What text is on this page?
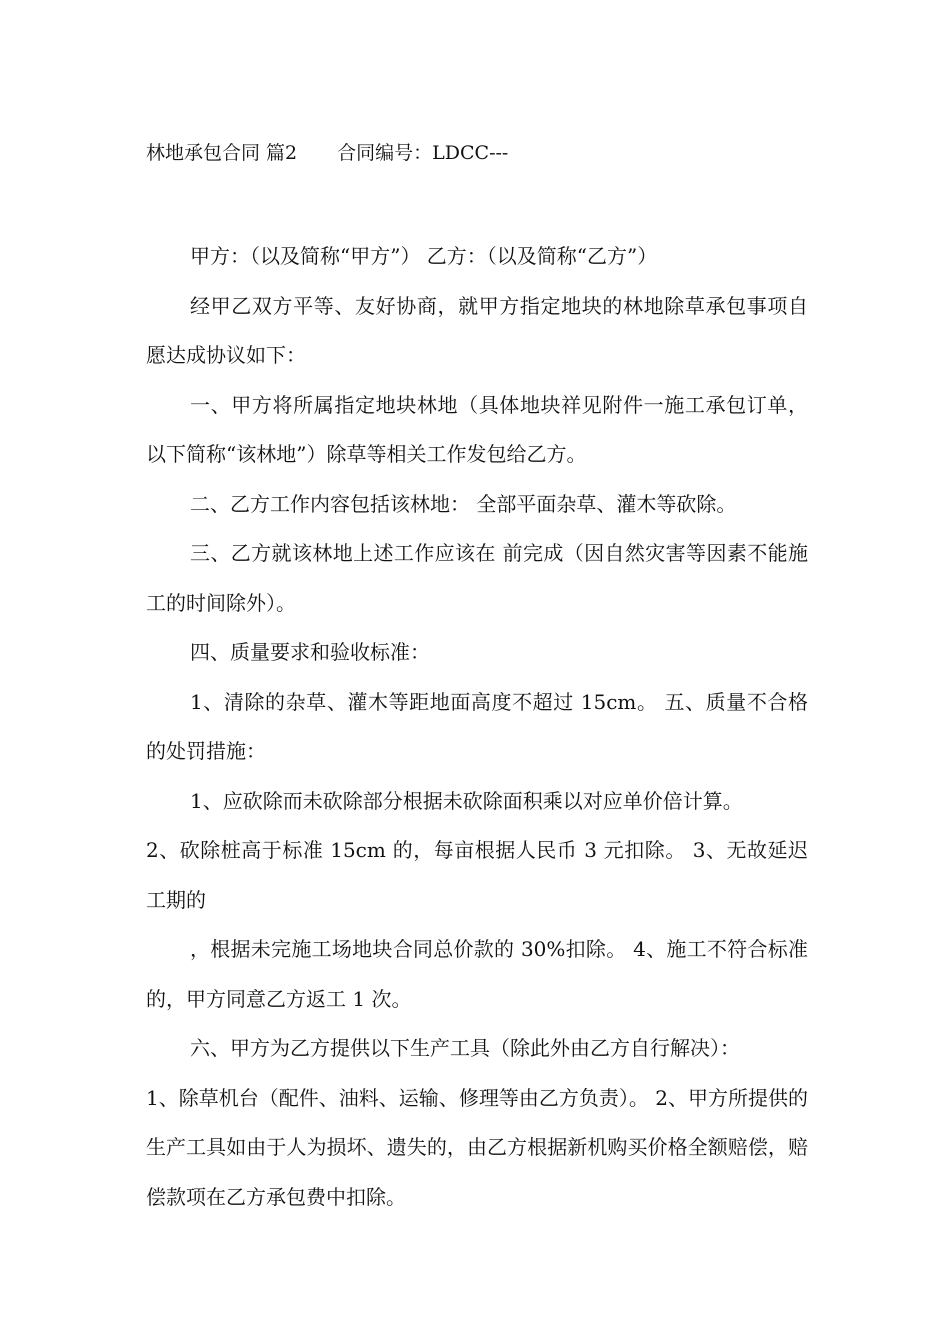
林地承包合同 篇2 合同编号：LDCC---

甲方：（以及简称“甲方”） 乙方：（以及简称“乙方”）

经甲乙双方平等、友好协商，就甲方指定地块的林地除草承包事项自愿达成协议如下：

一、甲方将所属指定地块林地（具体地块祥见附件一施工承包订单，以下简称“该林地”）除草等相关工作发包给乙方。

二、乙方工作内容包括该林地： 全部平面杂草、灌木等砍除。

三、乙方就该林地上述工作应该在 前完成（因自然灾害等因素不能施工的时间除外）。

四、质量要求和验收标准：

1、清除的杂草、灌木等距地面高度不超过 15cm。 五、质量不合格的处罚措施：

1、应砍除而未砍除部分根据未砍除面积乘以对应单价倍计算。

2、砍除桩高于标准 15cm 的，每亩根据人民币 3 元扣除。 3、无故延迟工期的

，根据未完施工场地块合同总价款的 30%扣除。 4、施工不符合标准的，甲方同意乙方返工 1 次。

六、甲方为乙方提供以下生产工具（除此外由乙方自行解决）：

1、除草机台（配件、油料、运输、修理等由乙方负责）。 2、甲方所提供的生产工具如由于人为损坏、遗失的，由乙方根据新机购买价格全额赔偿，赔偿款项在乙方承包费中扣除。
